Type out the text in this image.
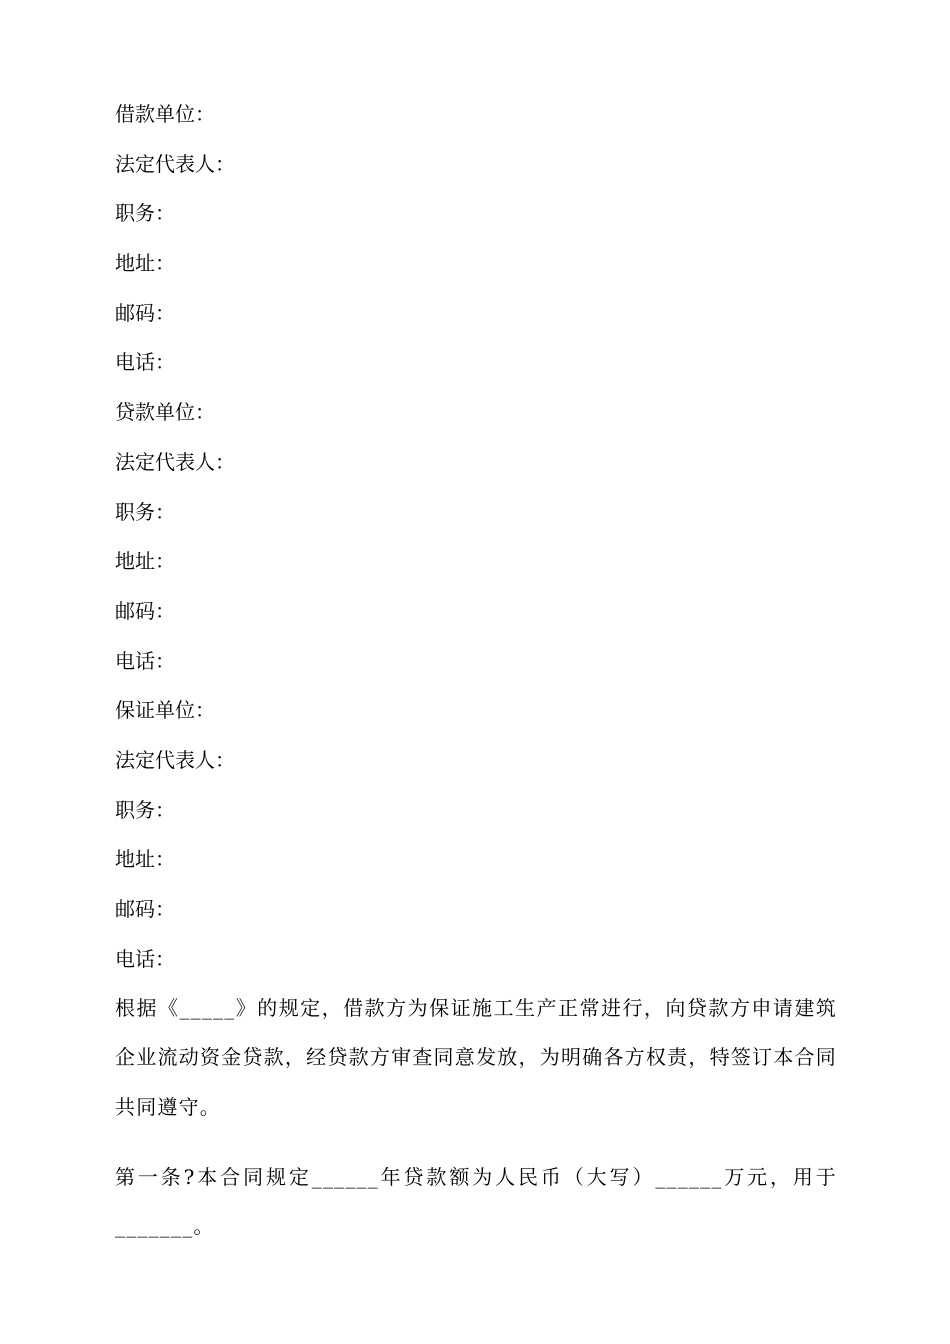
借款单位：
法定代表人：
职务：
地址：
邮码：
电话：
贷款单位：
法定代表人：
职务：
地址：
邮码：
电话：
保证单位：
法定代表人：
职务：
地址：
邮码：
电话：

根据《_____》的规定，借款方为保证施工生产正常进行，向贷款方申请建筑企业流动资金贷款，经贷款方审查同意发放，为明确各方权责，特签订本合同共同遵守。

第一条?本合同规定______年贷款额为人民币（大写）______万元，用于_______。
